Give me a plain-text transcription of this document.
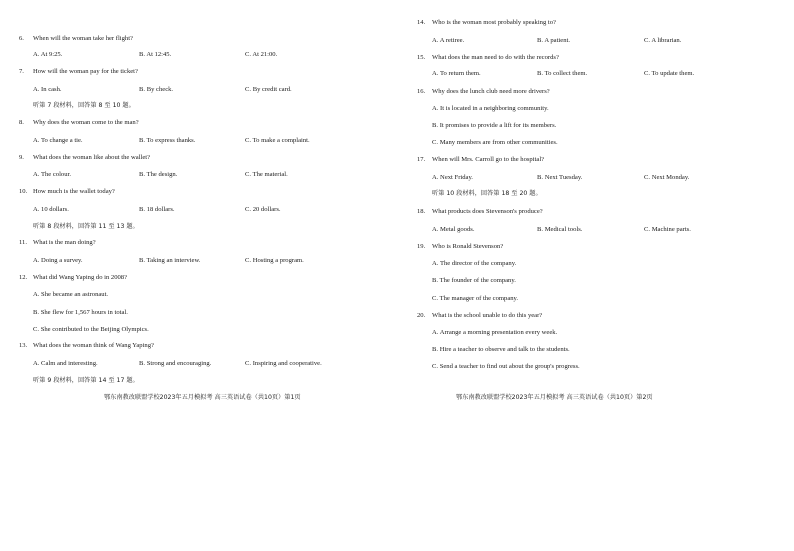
6. When will the woman take her flight?
A. At 9:25.	B. At 12:45.	C. At 21:00.
7. How will the woman pay for the ticket?
A. In cash.	B. By check.	C. By credit card.
听第 7 段材料，回答第 8 至 10 题。
8. Why does the woman come to the man?
A. To change a tie.	B. To express thanks.	C. To make a complaint.
9. What does the woman like about the wallet?
A. The colour.	B. The design.	C. The material.
10. How much is the wallet today?
A. 10 dollars.	B. 18 dollars.	C. 20 dollars.
听第 8 段材料，回答第 11 至 13 题。
11. What is the man doing?
A. Doing a survey.	B. Taking an interview.	C. Hosting a program.
12. What did Wang Yaping do in 2008?
A. She became an astronaut.
B. She flew for 1,567 hours in total.
C. She contributed to the Beijing Olympics.
13. What does the woman think of Wang Yaping?
A. Calm and interesting.	B. Strong and encouraging.	C. Inspiring and cooperative.
听第 9 段材料，回答第 14 至 17 题。
鄂东南教改联盟学校2023年五月模拟考 高三英语试卷（共10页）第1页
14. Who is the woman most probably speaking to?
A. A retiree.	B. A patient.	C. A librarian.
15. What does the man need to do with the records?
A. To return them.	B. To collect them.	C. To update them.
16. Why does the lunch club need more drivers?
A. It is located in a neighboring community.
B. It promises to provide a lift for its members.
C. Many members are from other communities.
17. When will Mrs. Carroll go to the hospital?
A. Next Friday.	B. Next Tuesday.	C. Next Monday.
听第 10 段材料，回答第 18 至 20 题。
18. What products does Stevenson's produce?
A. Metal goods.	B. Medical tools.	C. Machine parts.
19. Who is Ronald Stevenson?
A. The director of the company.
B. The founder of the company.
C. The manager of the company.
20. What is the school unable to do this year?
A. Arrange a morning presentation every week.
B. Hire a teacher to observe and talk to the students.
C. Send a teacher to find out about the group's progress.
鄂东南教改联盟学校2023年五月模拟考 高三英语试卷（共10页）第2页
